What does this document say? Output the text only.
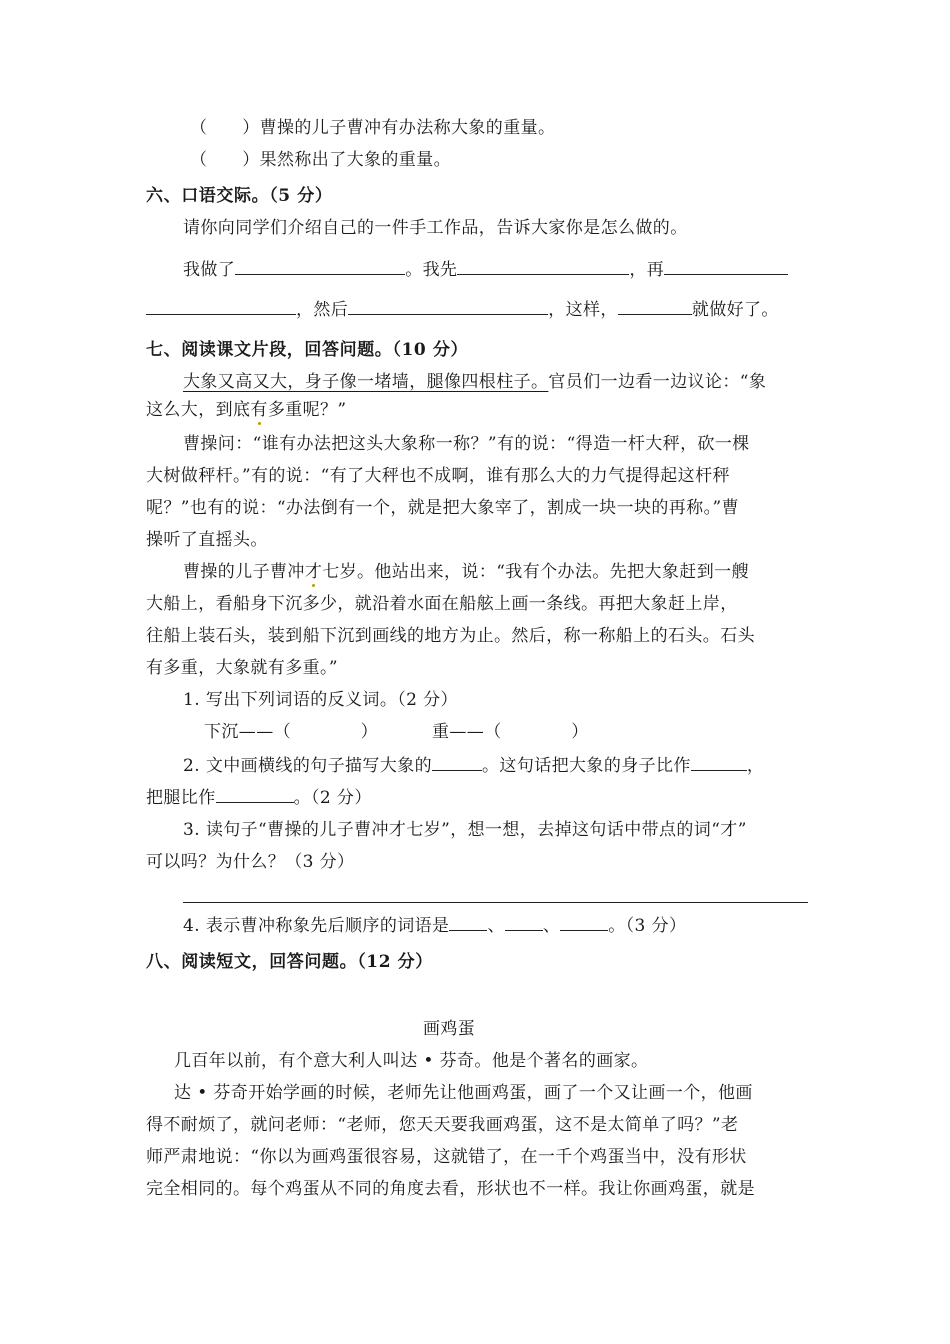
（　　）曹操的儿子曹冲有办法称大象的重量。
（　　）果然称出了大象的重量。
六、口语交际。（5 分）
请你向同学们介绍自己的一件手工作品，告诉大家你是怎么做的。
我做了	。我先	，再
，然后	，这样，	就做好了。
七、阅读课文片段，回答问题。（10 分）
大象又高又大，身子像一堵墙，腿像四根柱子。官员们一边看一边议论：“象
这么大，到底有多重呢？”
曹操问：“谁有办法把这头大象称一称？”有的说：“得造一杆大秤，砍一棵
大树做秤杆。”有的说：“有了大秤也不成啊，谁有那么大的力气提得起这杆秤
呢？”也有的说：“办法倒有一个，就是把大象宰了，割成一块一块的再称。”曹
操听了直摇头。
曹操的儿子曹冲才七岁。他站出来，说：“我有个办法。先把大象赶到一艘
大船上，看船身下沉多少，就沿着水面在船舷上画一条线。再把大象赶上岸，
往船上装石头，装到船下沉到画线的地方为止。然后，称一称船上的石头。石头
有多重，大象就有多重。”
1. 写出下列词语的反义词。（2 分）
下沉——（　　　　）	重——（　　　　）
2. 文中画横线的句子描写大象的	。这句话把大象的身子比作	，
把腿比作	。（2 分）
3. 读句子“曹操的儿子曹冲才七岁”，想一想，去掉这句话中带点的词“才”
可以吗？为什么？（3 分）
4. 表示曹冲称象先后顺序的词语是 、 、	。（3 分）
八、阅读短文，回答问题。（12 分）
画鸡蛋
几百年以前，有个意大利人叫达 • 芬奇。他是个著名的画家。
达 • 芬奇开始学画的时候，老师先让他画鸡蛋，画了一个又让画一个，他画
得不耐烦了，就问老师：“老师，您天天要我画鸡蛋，这不是太简单了吗？”老
师严肃地说：“你以为画鸡蛋很容易，这就错了，在一千个鸡蛋当中，没有形状
完全相同的。每个鸡蛋从不同的角度去看，形状也不一样。我让你画鸡蛋，就是
